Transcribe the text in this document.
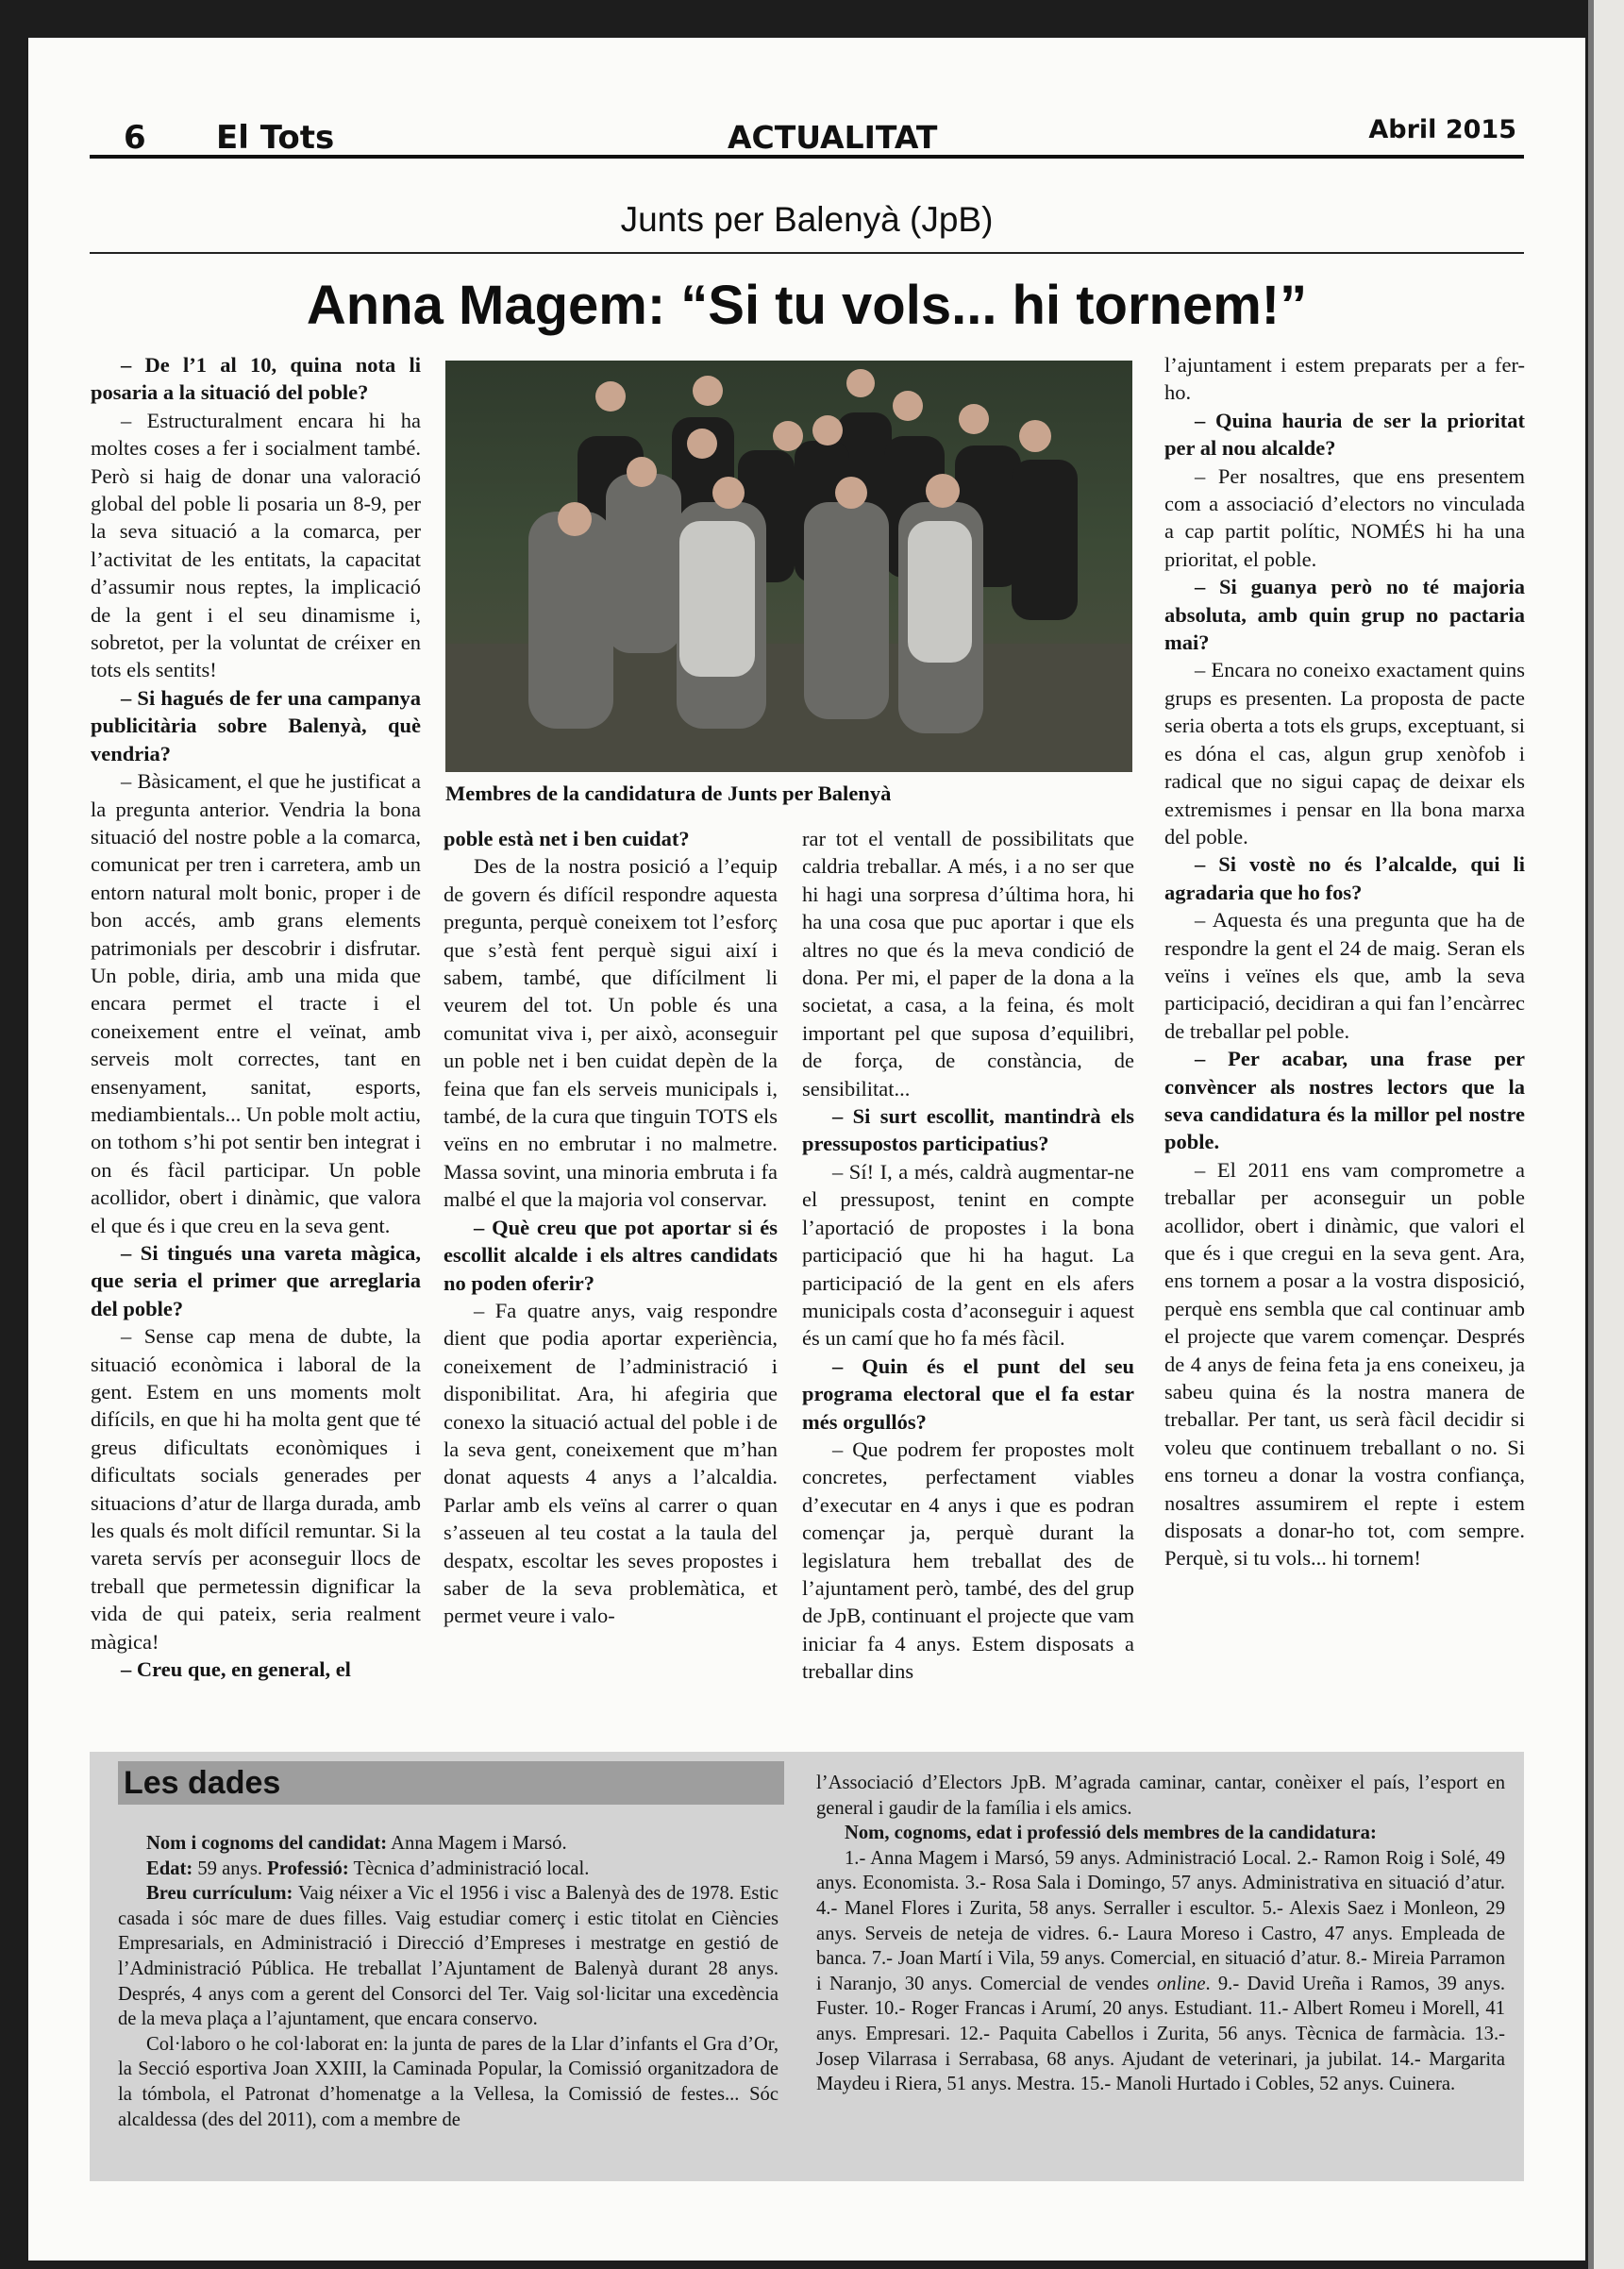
6 El Tots	ACTUALITAT	Abril 2015
Junts per Balenyà (JpB)
Anna Magem: “Si tu vols... hi tornem!”

– De l’1 al 10, quina nota li posaria a la situació del poble?

– Estructuralment encara hi ha moltes coses a fer i socialment també. Però si haig de donar una valoració global del poble li posaria un 8-9, per la seva situació a la comarca, per l’activitat de les entitats, la capacitat d’assumir nous reptes, la implicació de la gent i el seu dinamisme i, sobretot, per la voluntat de créixer en tots els sentits!

– Si hagués de fer una campanya publicitària sobre Balenyà, què vendria?

– Bàsicament, el que he justificat a la pregunta anterior. Vendria la bona situació del nostre poble a la comarca, comunicat per tren i carretera, amb un entorn natural molt bonic, proper i de bon accés, amb grans elements patrimonials per descobrir i disfrutar. Un poble, diria, amb una mida que encara permet el tracte i el coneixement entre el veïnat, amb serveis molt correctes, tant en ensenyament, sanitat, esports, mediambientals... Un poble molt actiu, on tothom s’hi pot sentir ben integrat i on és fàcil participar. Un poble acollidor, obert i dinàmic, que valora el que és i que creu en la seva gent.

– Si tingués una vareta màgica, que seria el primer que arreglaria del poble?

– Sense cap mena de dubte, la situació econòmica i laboral de la gent. Estem en uns moments molt difícils, en que hi ha molta gent que té greus dificultats econòmiques i dificultats socials generades per situacions d’atur de llarga durada, amb les quals és molt difícil remuntar. Si la vareta servís per aconseguir llocs de treball que permetessin dignificar la vida de qui pateix, seria realment màgica!

– Creu que, en general, el

Membres de la candidatura de Junts per Balenyà

poble està net i ben cuidat?

Des de la nostra posició a l’equip de govern és difícil respondre aquesta pregunta, perquè coneixem tot l’esforç que s’està fent perquè sigui així i sabem, també, que difícilment li veurem del tot. Un poble és una comunitat viva i, per això, aconseguir un poble net i ben cuidat depèn de la feina que fan els serveis municipals i, també, de la cura que tinguin TOTS els veïns en no embrutar i no malmetre. Massa sovint, una minoria embruta i fa malbé el que la majoria vol conservar.

– Què creu que pot aportar si és escollit alcalde i els altres candidats no poden oferir?

– Fa quatre anys, vaig respondre dient que podia aportar experiència, coneixement de l’administració i disponibilitat. Ara, hi afegiria que conexo la situació actual del poble i de la seva gent, coneixement que m’han donat aquests 4 anys a l’alcaldia. Parlar amb els veïns al carrer o quan s’asseuen al teu costat a la taula del despatx, escoltar les seves propostes i saber de la seva problemàtica, et permet veure i valo-

rar tot el ventall de possibilitats que caldria treballar. A més, i a no ser que hi hagi una sorpresa d’última hora, hi ha una cosa que puc aportar i que els altres no que és la meva condició de dona. Per mi, el paper de la dona a la societat, a casa, a la feina, és molt important pel que suposa d’equilibri, de força, de constància, de sensibilitat...

– Si surt escollit, mantindrà els pressupostos participatius?

– Sí! I, a més, caldrà augmentar-ne el pressupost, tenint en compte l’aportació de propostes i la bona participació que hi ha hagut. La participació de la gent en els afers municipals costa d’aconseguir i aquest és un camí que ho fa més fàcil.

– Quin és el punt del seu programa electoral que el fa estar més orgullós?

– Que podrem fer propostes molt concretes, perfectament viables d’executar en 4 anys i que es podran començar ja, perquè durant la legislatura hem treballat des de l’ajuntament però, també, des del grup de JpB, continuant el projecte que vam iniciar fa 4 anys. Estem disposats a treballar dins

l’ajuntament i estem preparats per a fer-ho.

– Quina hauria de ser la prioritat per al nou alcalde?

– Per nosaltres, que ens presentem com a associació d’electors no vinculada a cap partit polític, NOMÉS hi ha una prioritat, el poble.

– Si guanya però no té majoria absoluta, amb quin grup no pactaria mai?

– Encara no coneixo exactament quins grups es presenten. La proposta de pacte seria oberta a tots els grups, exceptuant, si es dóna el cas, algun grup xenòfob i radical que no sigui capaç de deixar els extremismes i pensar en lla bona marxa del poble.

– Si vostè no és l’alcalde, qui li agradaria que ho fos?

– Aquesta és una pregunta que ha de respondre la gent el 24 de maig. Seran els veïns i veïnes els que, amb la seva participació, decidiran a qui fan l’encàrrec de treballar pel poble.

– Per acabar, una frase per convèncer als nostres lectors que la seva candidatura és la millor pel nostre poble.

– El 2011 ens vam comprometre a treballar per aconseguir un poble acollidor, obert i dinàmic, que valori el que és i que cregui en la seva gent. Ara, ens tornem a posar a la vostra disposició, perquè ens sembla que cal continuar amb el projecte que varem començar. Després de 4 anys de feina feta ja ens coneixeu, ja sabeu quina és la nostra manera de treballar. Per tant, us serà fàcil decidir si voleu que continuem treballant o no. Si ens torneu a donar la vostra confiança, nosaltres assumirem el repte i estem disposats a donar-ho tot, com sempre. Perquè, si tu vols... hi tornem!

Les dades

Nom i cognoms del candidat: Anna Magem i Marsó.

Edat: 59 anys. Professió: Tècnica d’administració local.

Breu currículum: Vaig néixer a Vic el 1956 i visc a Balenyà des de 1978. Estic casada i sóc mare de dues filles. Vaig estudiar comerç i estic titolat en Ciències Empresarials, en Administració i Direcció d’Empreses i mestratge en gestió de l’Administració Pública. He treballat l’Ajuntament de Balenyà durant 28 anys. Després, 4 anys com a gerent del Consorci del Ter. Vaig sol·licitar una excedència de la meva plaça a l’ajuntament, que encara conservo.

Col·laboro o he col·laborat en: la junta de pares de la Llar d’infants el Gra d’Or, la Secció esportiva Joan XXIII, la Caminada Popular, la Comissió organitzadora de la tómbola, el Patronat d’homenatge a la Vellesa, la Comissió de festes... Sóc alcaldessa (des del 2011), com a membre de

l’Associació d’Electors JpB. M’agrada caminar, cantar, conèixer el país, l’esport en general i gaudir de la família i els amics.

Nom, cognoms, edat i professió dels membres de la candidatura:

1.- Anna Magem i Marsó, 59 anys. Administració Local. 2.- Ramon Roig i Solé, 49 anys. Economista. 3.- Rosa Sala i Domingo, 57 anys. Administrativa en situació d’atur. 4.- Manel Flores i Zurita, 58 anys. Serraller i escultor. 5.- Alexis Saez i Monleon, 29 anys. Serveis de neteja de vidres. 6.- Laura Moreso i Castro, 47 anys. Empleada de banca. 7.- Joan Martí i Vila, 59 anys. Comercial, en situació d’atur. 8.- Mireia Parramon i Naranjo, 30 anys. Comercial de vendes online. 9.- David Ureña i Ramos, 39 anys. Fuster. 10.- Roger Francas i Arumí, 20 anys. Estudiant. 11.- Albert Romeu i Morell, 41 anys. Empresari. 12.- Paquita Cabellos i Zurita, 56 anys. Tècnica de farmàcia. 13.- Josep Vilarrasa i Serrabasa, 68 anys. Ajudant de veterinari, ja jubilat. 14.- Margarita Maydeu i Riera, 51 anys. Mestra. 15.- Manoli Hurtado i Cobles, 52 anys. Cuinera.
